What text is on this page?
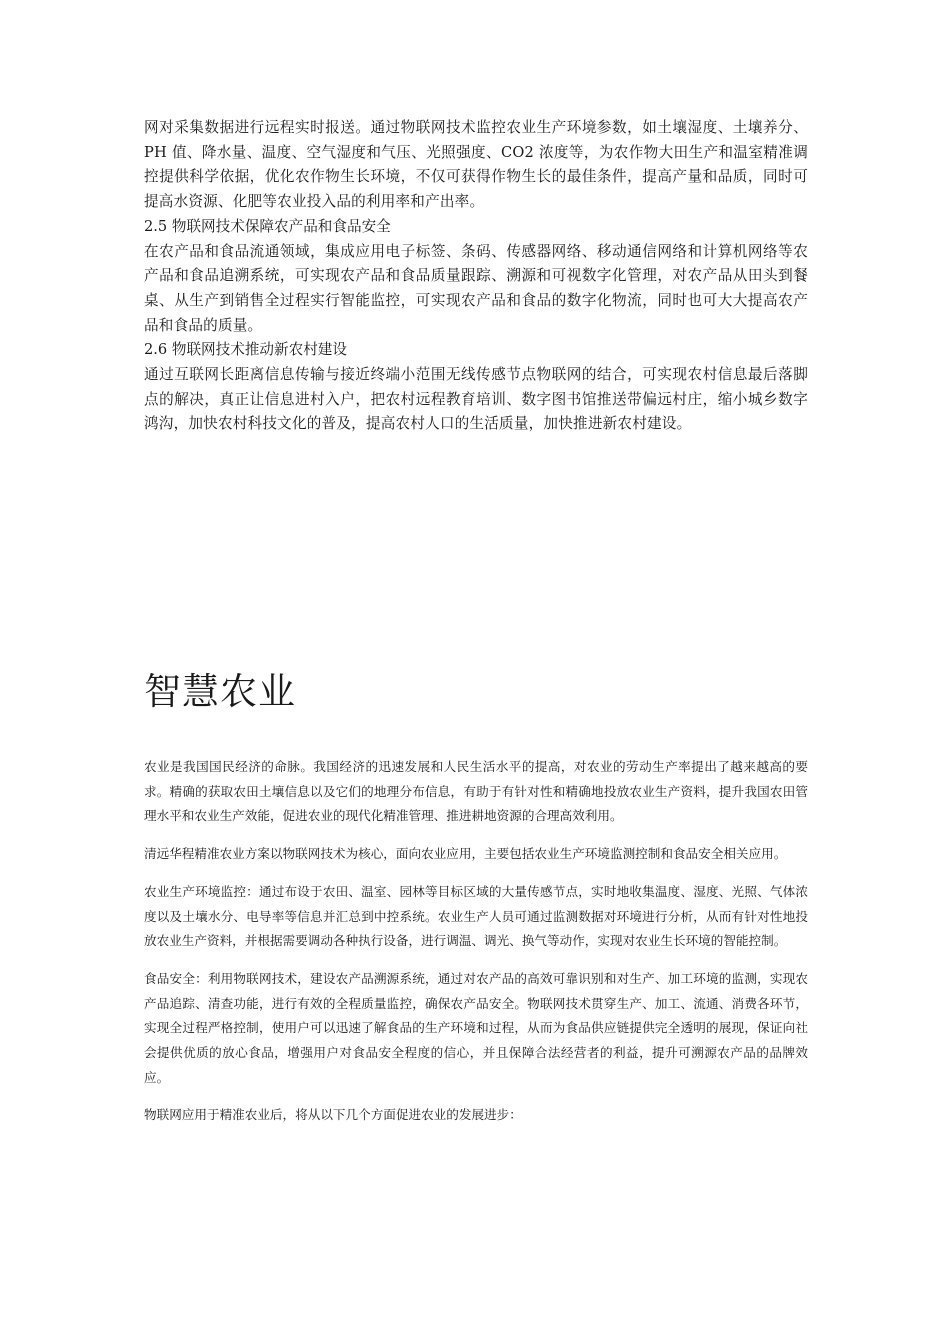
网对采集数据进行远程实时报送。通过物联网技术监控农业生产环境参数，如土壤湿度、土壤养分、PH 值、降水量、温度、空气湿度和气压、光照强度、CO2 浓度等，为农作物大田生产和温室精准调控提供科学依据，优化农作物生长环境，不仅可获得作物生长的最佳条件，提高产量和品质，同时可提高水资源、化肥等农业投入品的利用率和产出率。

2.5 物联网技术保障农产品和食品安全

在农产品和食品流通领域，集成应用电子标签、条码、传感器网络、移动通信网络和计算机网络等农产品和食品追溯系统，可实现农产品和食品质量跟踪、溯源和可视数字化管理，对农产品从田头到餐桌、从生产到销售全过程实行智能监控，可实现农产品和食品的数字化物流，同时也可大大提高农产品和食品的质量。

2.6 物联网技术推动新农村建设

通过互联网长距离信息传输与接近终端小范围无线传感节点物联网的结合，可实现农村信息最后落脚点的解决，真正让信息进村入户，把农村远程教育培训、数字图书馆推送带偏远村庄，缩小城乡数字鸿沟，加快农村科技文化的普及，提高农村人口的生活质量，加快推进新农村建设。

智慧农业

农业是我国国民经济的命脉。我国经济的迅速发展和人民生活水平的提高，对农业的劳动生产率提出了越来越高的要求。精确的获取农田土壤信息以及它们的地理分布信息，有助于有针对性和精确地投放农业生产资料，提升我国农田管理水平和农业生产效能，促进农业的现代化精准管理、推进耕地资源的合理高效利用。

清远华程精准农业方案以物联网技术为核心，面向农业应用，主要包括农业生产环境监测控制和食品安全相关应用。

农业生产环境监控：通过布设于农田、温室、园林等目标区域的大量传感节点，实时地收集温度、湿度、光照、气体浓度以及土壤水分、电导率等信息并汇总到中控系统。农业生产人员可通过监测数据对环境进行分析，从而有针对性地投放农业生产资料，并根据需要调动各种执行设备，进行调温、调光、换气等动作，实现对农业生长环境的智能控制。

食品安全：利用物联网技术，建设农产品溯源系统，通过对农产品的高效可靠识别和对生产、加工环境的监测，实现农产品追踪、清查功能，进行有效的全程质量监控，确保农产品安全。物联网技术贯穿生产、加工、流通、消费各环节，实现全过程严格控制，使用户可以迅速了解食品的生产环境和过程，从而为食品供应链提供完全透明的展现，保证向社会提供优质的放心食品，增强用户对食品安全程度的信心，并且保障合法经营者的利益，提升可溯源农产品的品牌效应。

物联网应用于精准农业后，将从以下几个方面促进农业的发展进步：
